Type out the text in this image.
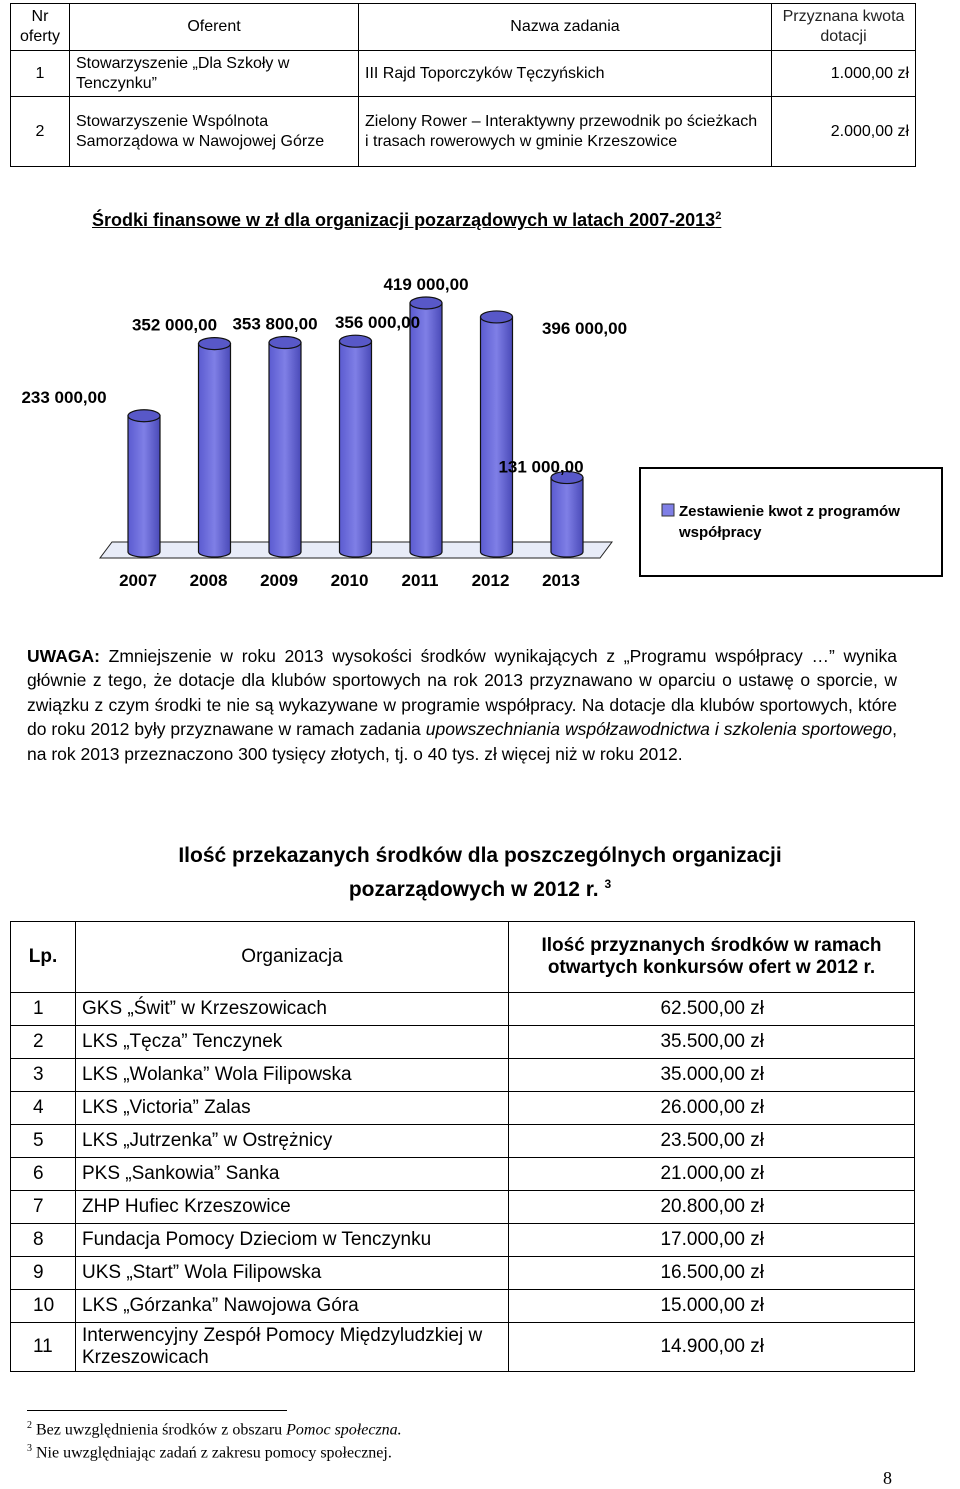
Nr oferty	Oferent	Nazwa zadania	Przyznana kwota dotacji
1	Stowarzyszenie „Dla Szkoły w Tenczynku”	III Rajd Toporczyków Tęczyńskich	1.000,00 zł
2	Stowarzyszenie Wspólnota Samorządowa w Nawojowej Górze	Zielony Rower – Interaktywny przewodnik po ścieżkach i trasach rowerowych w gminie Krzeszowice	2.000,00 zł
Środki finansowe w zł dla organizacji pozarządowych w latach 2007-2013$^2$
233 000,00
352 000,00 353 800,00 356 000,00
419 000,00
396 000,00
131 000,00
2007 2008 2009 2010 2011 2012 2013
Zestawienie kwot z programów
współpracy
UWAGA: Zmniejszenie w roku 2013 wysokości środków wynikających z „Programu współpracy …” wynika głównie z tego, że dotacje dla klubów sportowych na rok 2013 przyznawano w oparciu o ustawę o sporcie, w związku z czym środki te nie są wykazywane w programie współpracy. Na dotacje dla klubów sportowych, które do roku 2012 były przyznawane w ramach zadania upowszechniania współzawodnictwa i szkolenia sportowego, na rok 2013 przeznaczono 300 tysięcy złotych, tj. o 40 tys. zł więcej niż w roku 2012.
Ilość przekazanych środków dla poszczególnych organizacji pozarządowych w 2012 r. $^3$
Lp.	Organizacja	Ilość przyznanych środków w ramach otwartych konkursów ofert w 2012 r.
1	GKS „Świt” w Krzeszowicach	62.500,00 zł
2	LKS „Tęcza” Tenczynek	35.500,00 zł
3	LKS „Wolanka” Wola Filipowska	35.000,00 zł
4	LKS „Victoria” Zalas	26.000,00 zł
5	LKS „Jutrzenka” w Ostrężnicy	23.500,00 zł
6	PKS „Sankowia” Sanka	21.000,00 zł
7	ZHP Hufiec Krzeszowice	20.800,00 zł
8	Fundacja Pomocy Dzieciom w Tenczynku	17.000,00 zł
9	UKS „Start” Wola Filipowska	16.500,00 zł
10	LKS „Górzanka” Nawojowa Góra	15.000,00 zł
11	Interwencyjny Zespół Pomocy Międzyludzkiej w Krzeszowicach	14.900,00 zł
$^2$ Bez uwzględnienia środków z obszaru Pomoc społeczna.
$^3$ Nie uwzględniając zadań z zakresu pomocy społecznej.
8
